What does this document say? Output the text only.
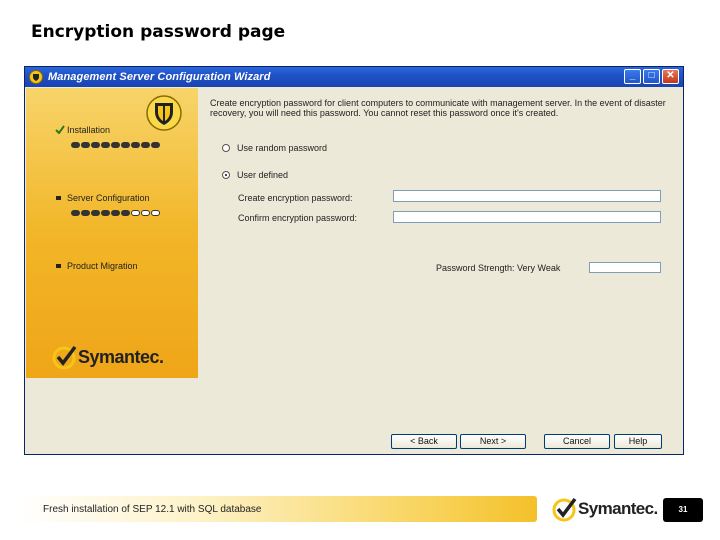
Encryption password page
Management Server Configuration Wizard	_	□	✕
Installation
Server Configuration
Product Migration
Symantec.
Create encryption password for client computers to communicate with management server. In the event of disaster recovery, you will need this password. You cannot reset this password once it's created.
Use random password
User defined
Create encryption password:
Confirm encryption password:
Password Strength: Very Weak
< Back	Next >	Cancel	Help
Fresh installation of SEP 12.1 with SQL database	Symantec.	31
